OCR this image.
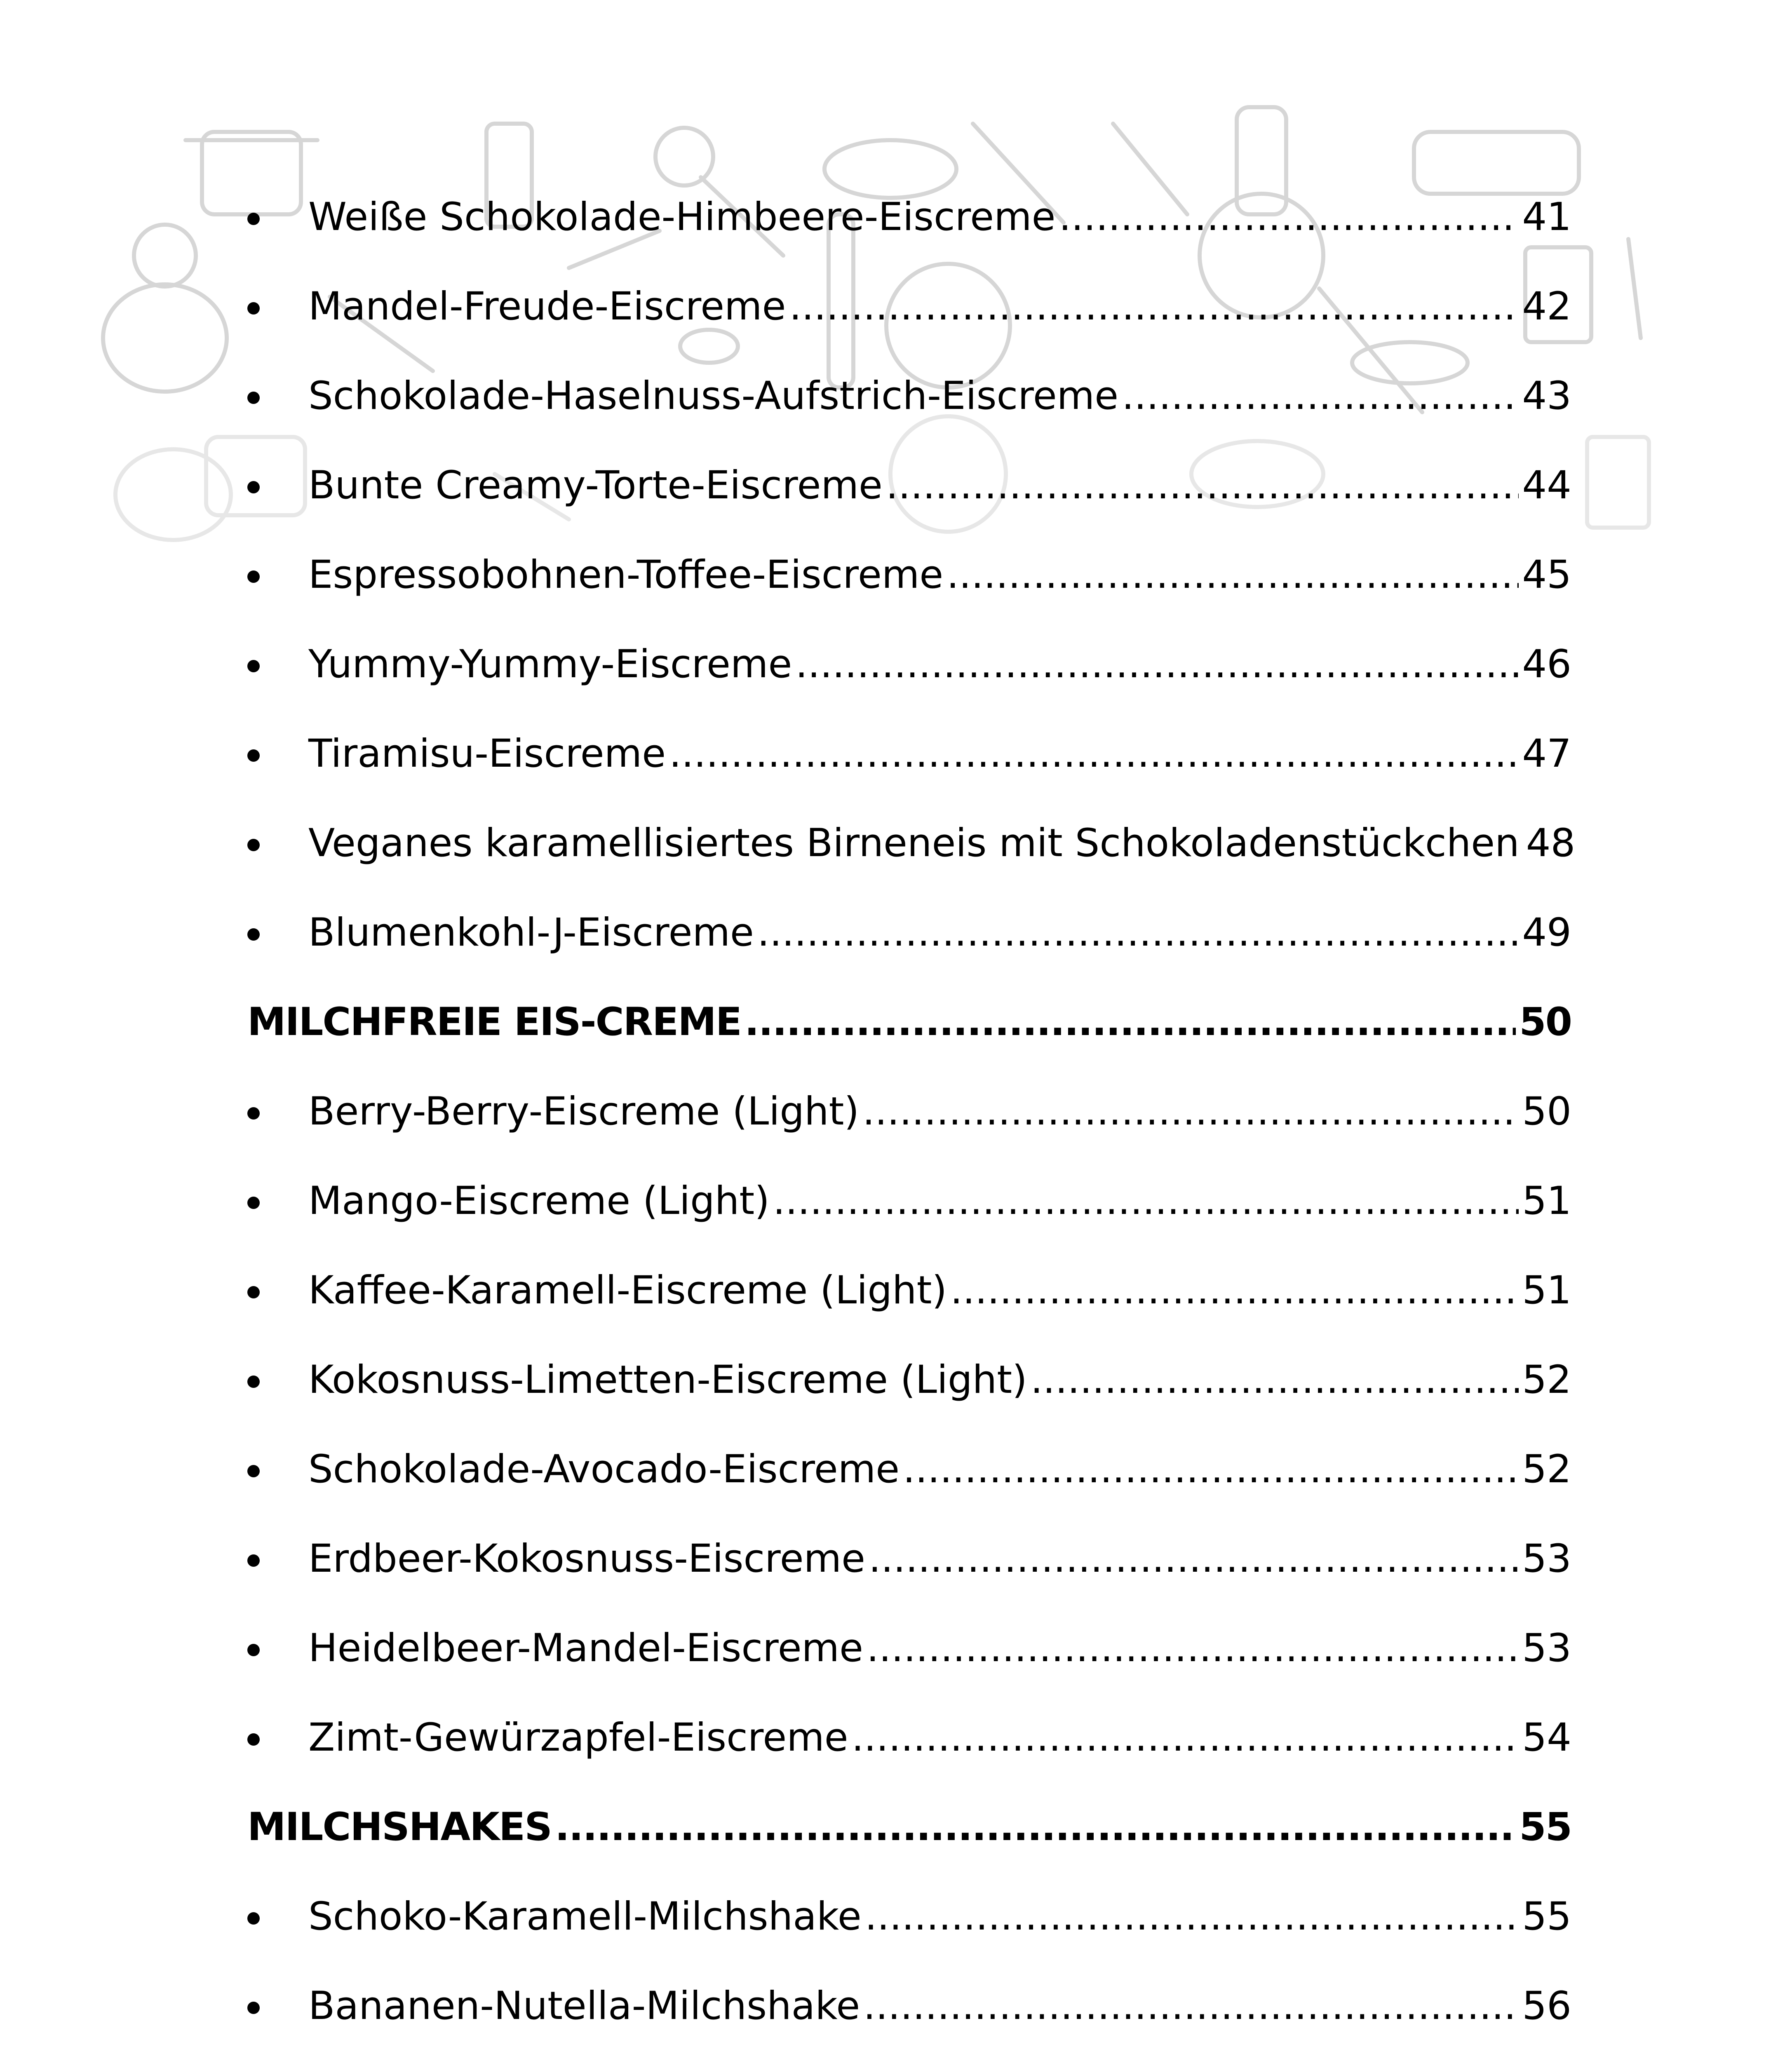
Weiße Schokolade-Himbeere-Eiscreme .....	41
Mandel-Freude-Eiscreme .....	42
Schokolade-Haselnuss-Aufstrich-Eiscreme .....	43
Bunte Creamy-Torte-Eiscreme .....	44
Espressobohnen-Toffee-Eiscreme .....	45
Yummy-Yummy-Eiscreme .....	46
Tiramisu-Eiscreme .....	47
Veganes karamellisiertes Birneneis mit Schokoladenstückchen 48
Blumenkohl-J-Eiscreme .....	49
MILCHFREIE EIS-CREME .....	50
Berry-Berry-Eiscreme (Light) .....	50
Mango-Eiscreme (Light) .....	51
Kaffee-Karamell-Eiscreme (Light) .....	51
Kokosnuss-Limetten-Eiscreme (Light) .....	52
Schokolade-Avocado-Eiscreme .....	52
Erdbeer-Kokosnuss-Eiscreme .....	53
Heidelbeer-Mandel-Eiscreme .....	53
Zimt-Gewürzapfel-Eiscreme .....	54
MILCHSHAKES .....	55
Schoko-Karamell-Milchshake .....	55
Bananen-Nutella-Milchshake .....	56
